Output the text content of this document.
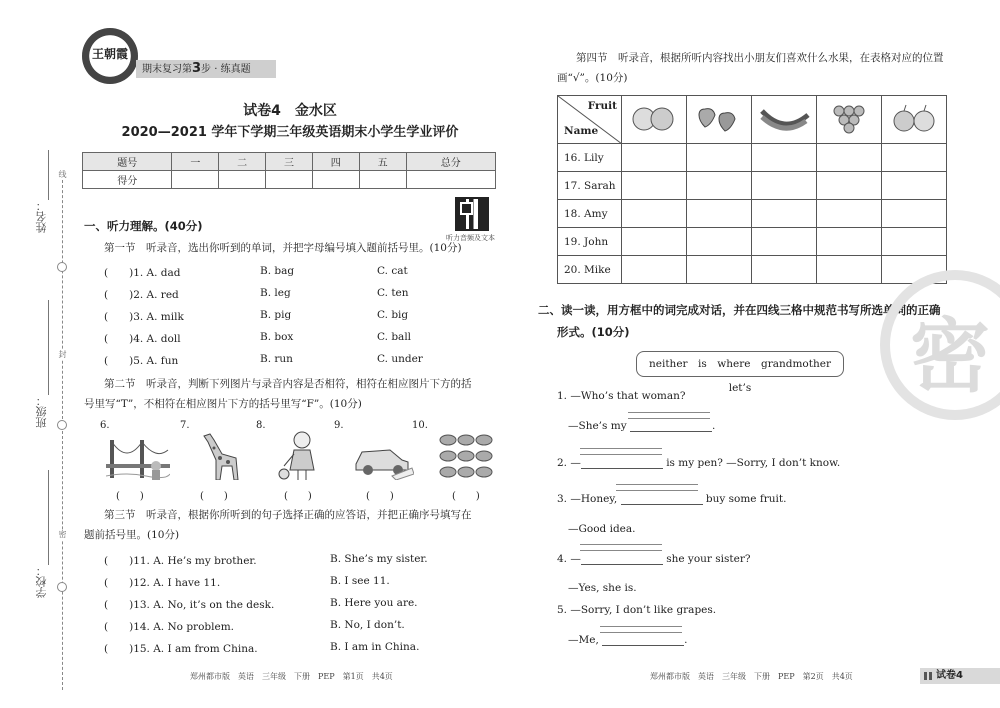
线
封
密
姓名：
班级：
学校：
王朝霞
期末复习第3步 · 练真题
试卷4　金水区
2020—2021 学年下学期三年级英语期末小学生学业评价
题号	一	二	三	四	五	总分
得分						
听力音频及文本
一、听力理解。(40分)
第一节　听录音，选出你听到的单词，并把字母编号填入题前括号里。(10分)
(　　)1. A. dad	B. bag	C. cat
(　　)2. A. red	B. leg	C. ten
(　　)3. A. milk	B. pig	C. big
(　　)4. A. doll	B. box	C. ball
(　　)5. A. fun	B. run	C. under
第二节　听录音，判断下列图片与录音内容是否相符，相符在相应图片下方的括
号里写“T”，不相符在相应图片下方的括号里写“F”。(10分)
6.	7.	8.	9.	10.
(　　)	(　　)	(　　)	(　　)	(　　)
第三节　听录音，根据你所听到的句子选择正确的应答语，并把正确序号填写在
题前括号里。(10分)
(　　)11. A. He’s my brother.	B. She’s my sister.
(　　)12. A. I have 11.	B. I see 11.
(　　)13. A. No, it’s on the desk.	B. Here you are.
(　　)14. A. No problem.	B. No, I don’t.
(　　)15. A. I am from China.	B. I am in China.
郑州都市版　英语　三年级　下册　PEP　第1页　共4页
第四节　听录音，根据所听内容找出小朋友们喜欢什么水果，在表格对应的位置
画“√”。(10分)
Fruit
Name

16. Lily					
17. Sarah					
18. Amy					
19. John					
20. Mike					
二、读一读，用方框中的词完成对话，并在四线三格中规范书写所选单词的正确
形式。(10分)
neither　is　where　grandmother　let’s
1. —Who’s that woman?
—She’s my	.
2. —	is my pen? —Sorry, I don’t know.
3. —Honey,	buy some fruit.
—Good idea.
4. —	she your sister?
—Yes, she is.
5. —Sorry, I don’t like grapes.
—Me,	.
密
郑州都市版　英语　三年级　下册　PEP　第2页　共4页	试卷4
